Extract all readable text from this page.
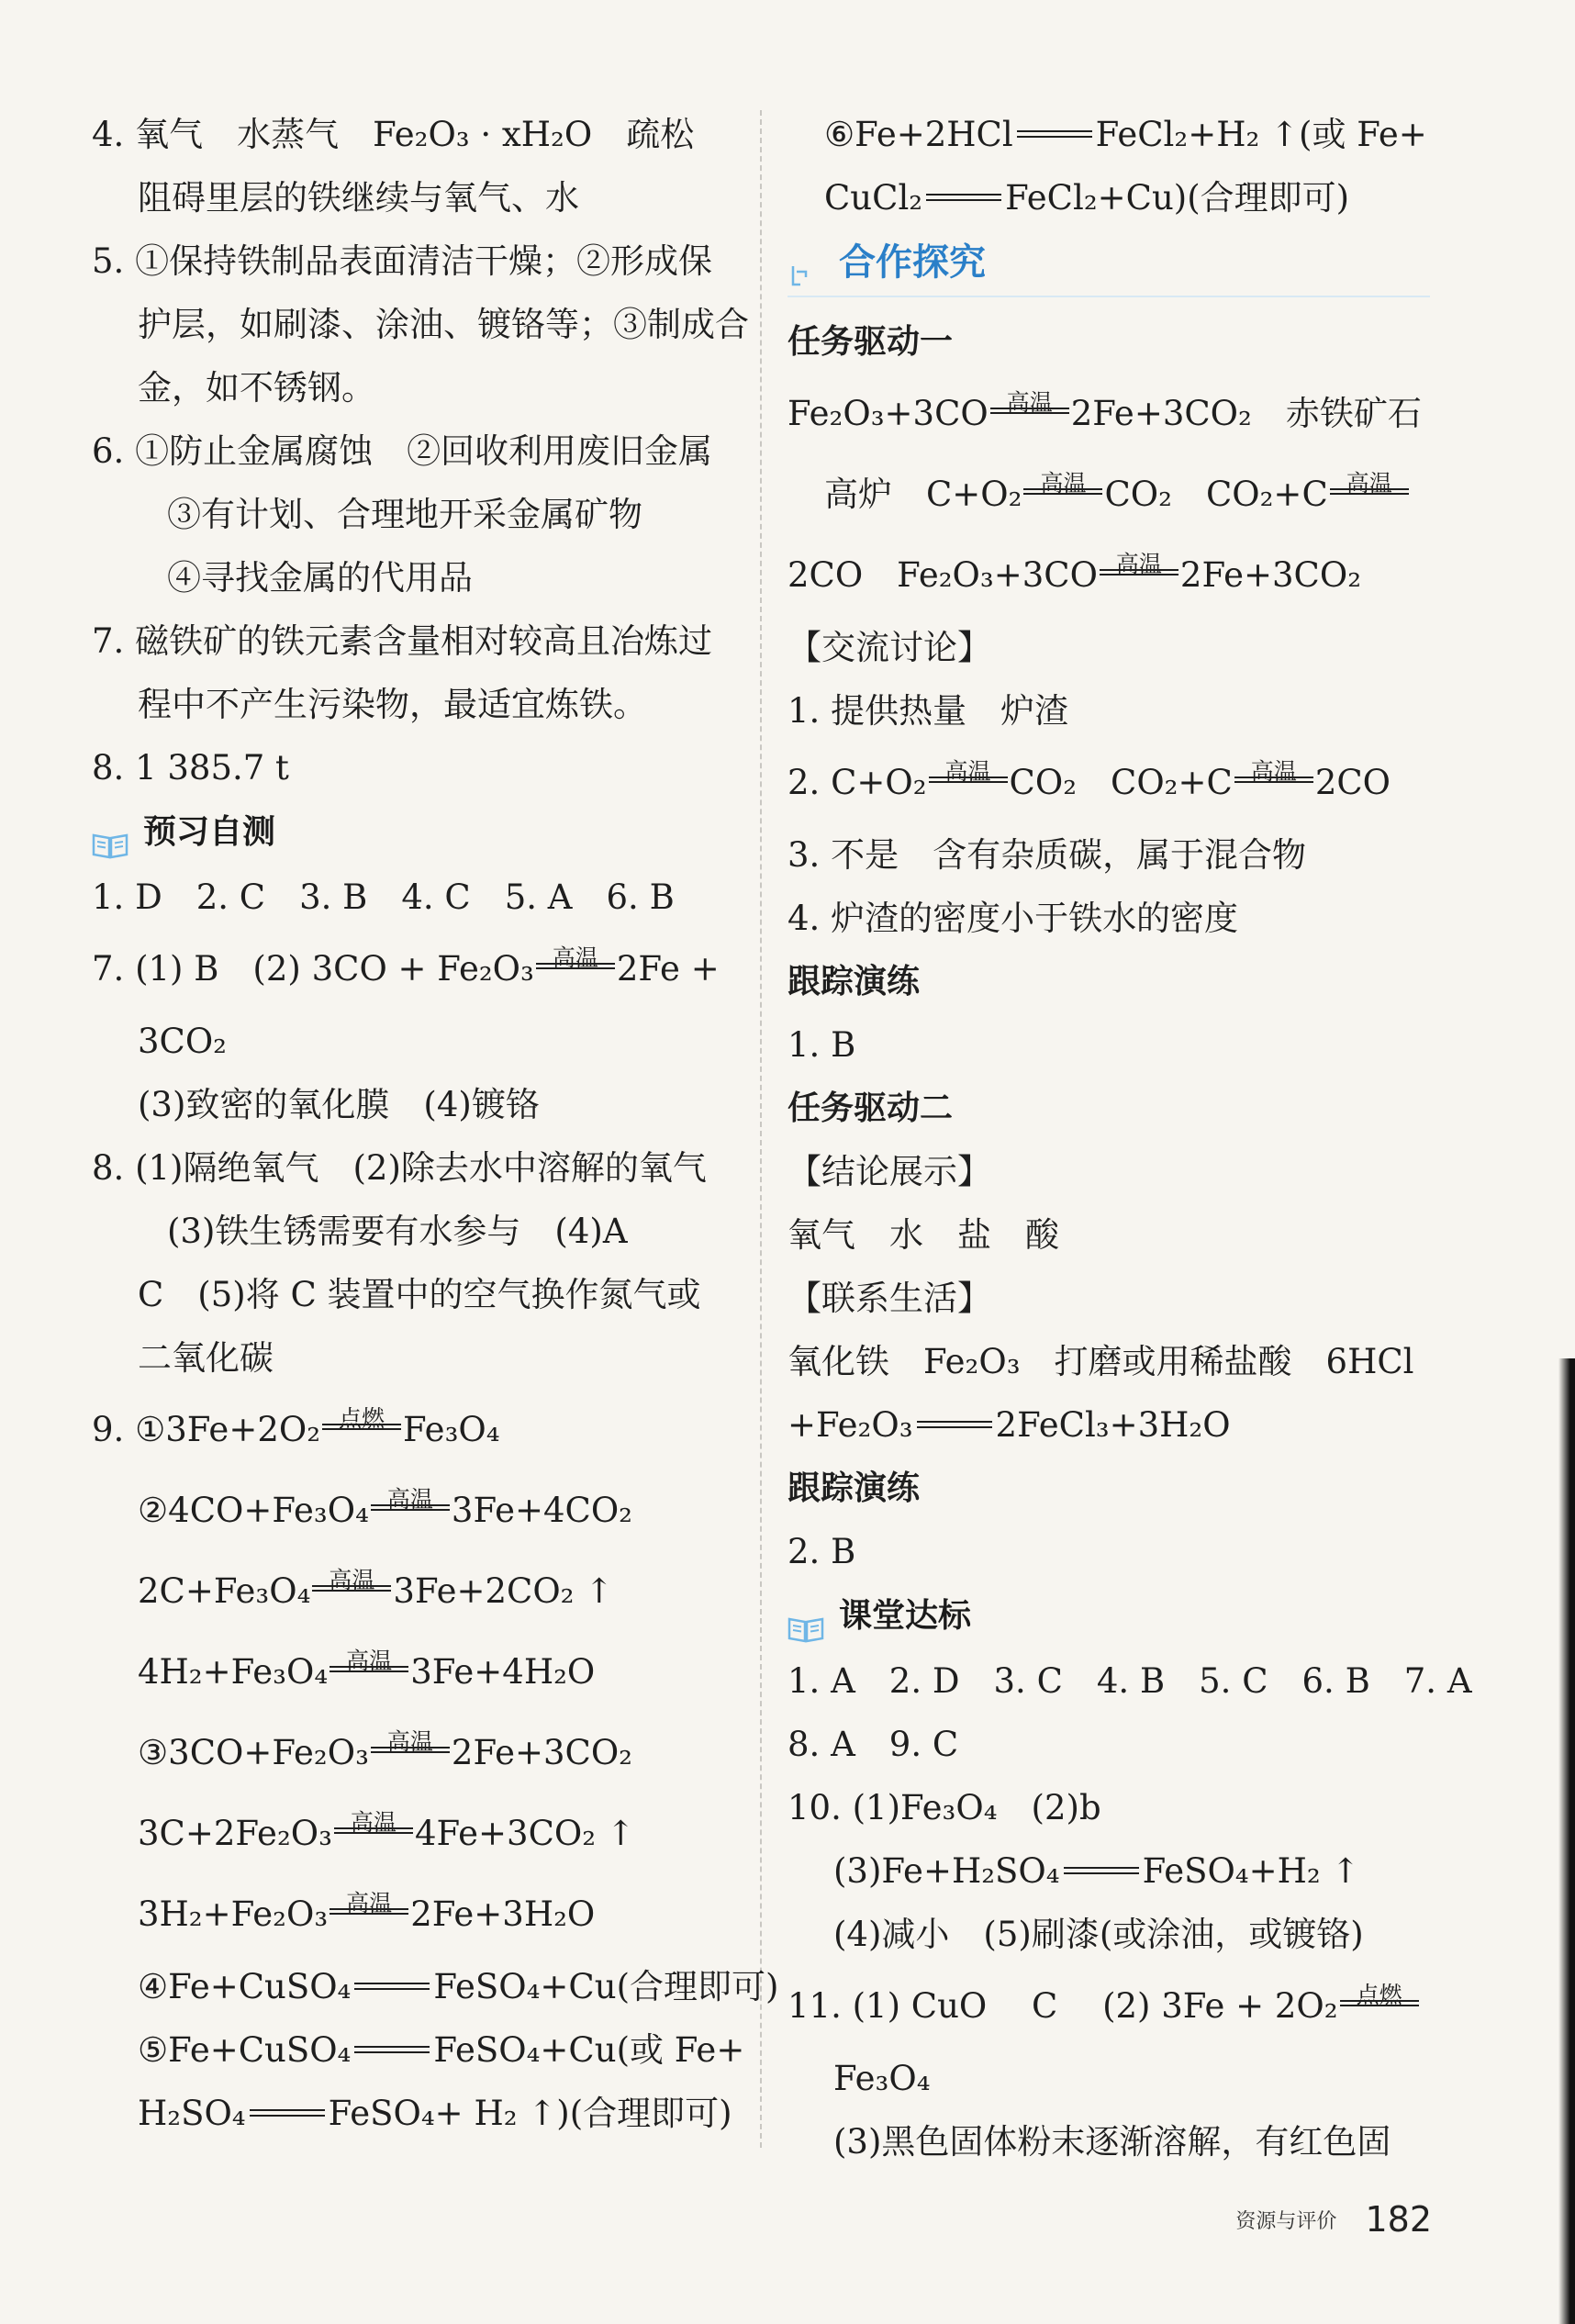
4. 氧气　水蒸气　Fe₂O₃ · xH₂O　疏松
阻碍里层的铁继续与氧气、水
5. ①保持铁制品表面清洁干燥；②形成保
护层，如刷漆、涂油、镀铬等；③制成合
金，如不锈钢。
6. ①防止金属腐蚀　②回收利用废旧金属
③有计划、合理地开采金属矿物
④寻找金属的代用品
7. 磁铁矿的铁元素含量相对较高且冶炼过
程中不产生污染物，最适宜炼铁。
8. 1 385.7 t
预习自测
1. D　2. C　3. B　4. C　5. A　6. B
7. (1) B　(2) 3CO + Fe₂O₃ 高温 2Fe +
3CO₂
(3)致密的氧化膜　(4)镀铬
8. (1)隔绝氧气　(2)除去水中溶解的氧气
(3)铁生锈需要有水参与　(4)A
C　(5)将 C 装置中的空气换作氮气或
二氧化碳
9. ①3Fe+2O₂ 点燃 Fe₃O₄
②4CO+Fe₃O₄ 高温 3Fe+4CO₂
2C+Fe₃O₄ 高温 3Fe+2CO₂ ↑
4H₂+Fe₃O₄ 高温 3Fe+4H₂O
③3CO+Fe₂O₃ 高温 2Fe+3CO₂
3C+2Fe₂O₃ 高温 4Fe+3CO₂ ↑
3H₂+Fe₂O₃ 高温 2Fe+3H₂O
④Fe+CuSO₄ FeSO₄+Cu(合理即可)
⑤Fe+CuSO₄ FeSO₄+Cu(或 Fe+
H₂SO₄ FeSO₄+ H₂ ↑)(合理即可)
⑥Fe+2HCl FeCl₂+H₂ ↑(或 Fe+
CuCl₂ FeCl₂+Cu)(合理即可)
合作探究
任务驱动一
Fe₂O₃+3CO 高温 2Fe+3CO₂　赤铁矿石
高炉　C+O₂ 高温 CO₂　CO₂+C 高温
2CO　Fe₂O₃+3CO 高温 2Fe+3CO₂
【交流讨论】
1. 提供热量　炉渣
2. C+O₂ 高温 CO₂　CO₂+C 高温 2CO
3. 不是　含有杂质碳，属于混合物
4. 炉渣的密度小于铁水的密度
跟踪演练
1. B
任务驱动二
【结论展示】
氧气　水　盐　酸
【联系生活】
氧化铁　Fe₂O₃　打磨或用稀盐酸　6HCl
+Fe₂O₃ 2FeCl₃+3H₂O
跟踪演练
2. B
课堂达标
1. A　2. D　3. C　4. B　5. C　6. B　7. A
8. A　9. C
10. (1)Fe₃O₄　(2)b
(3)Fe+H₂SO₄ FeSO₄+H₂ ↑
(4)减小　(5)刷漆(或涂油，或镀铬)
11. (1) CuO　 C　 (2) 3Fe + 2O₂ 点燃
Fe₃O₄
(3)黑色固体粉末逐渐溶解，有红色固
资源与评价 182
